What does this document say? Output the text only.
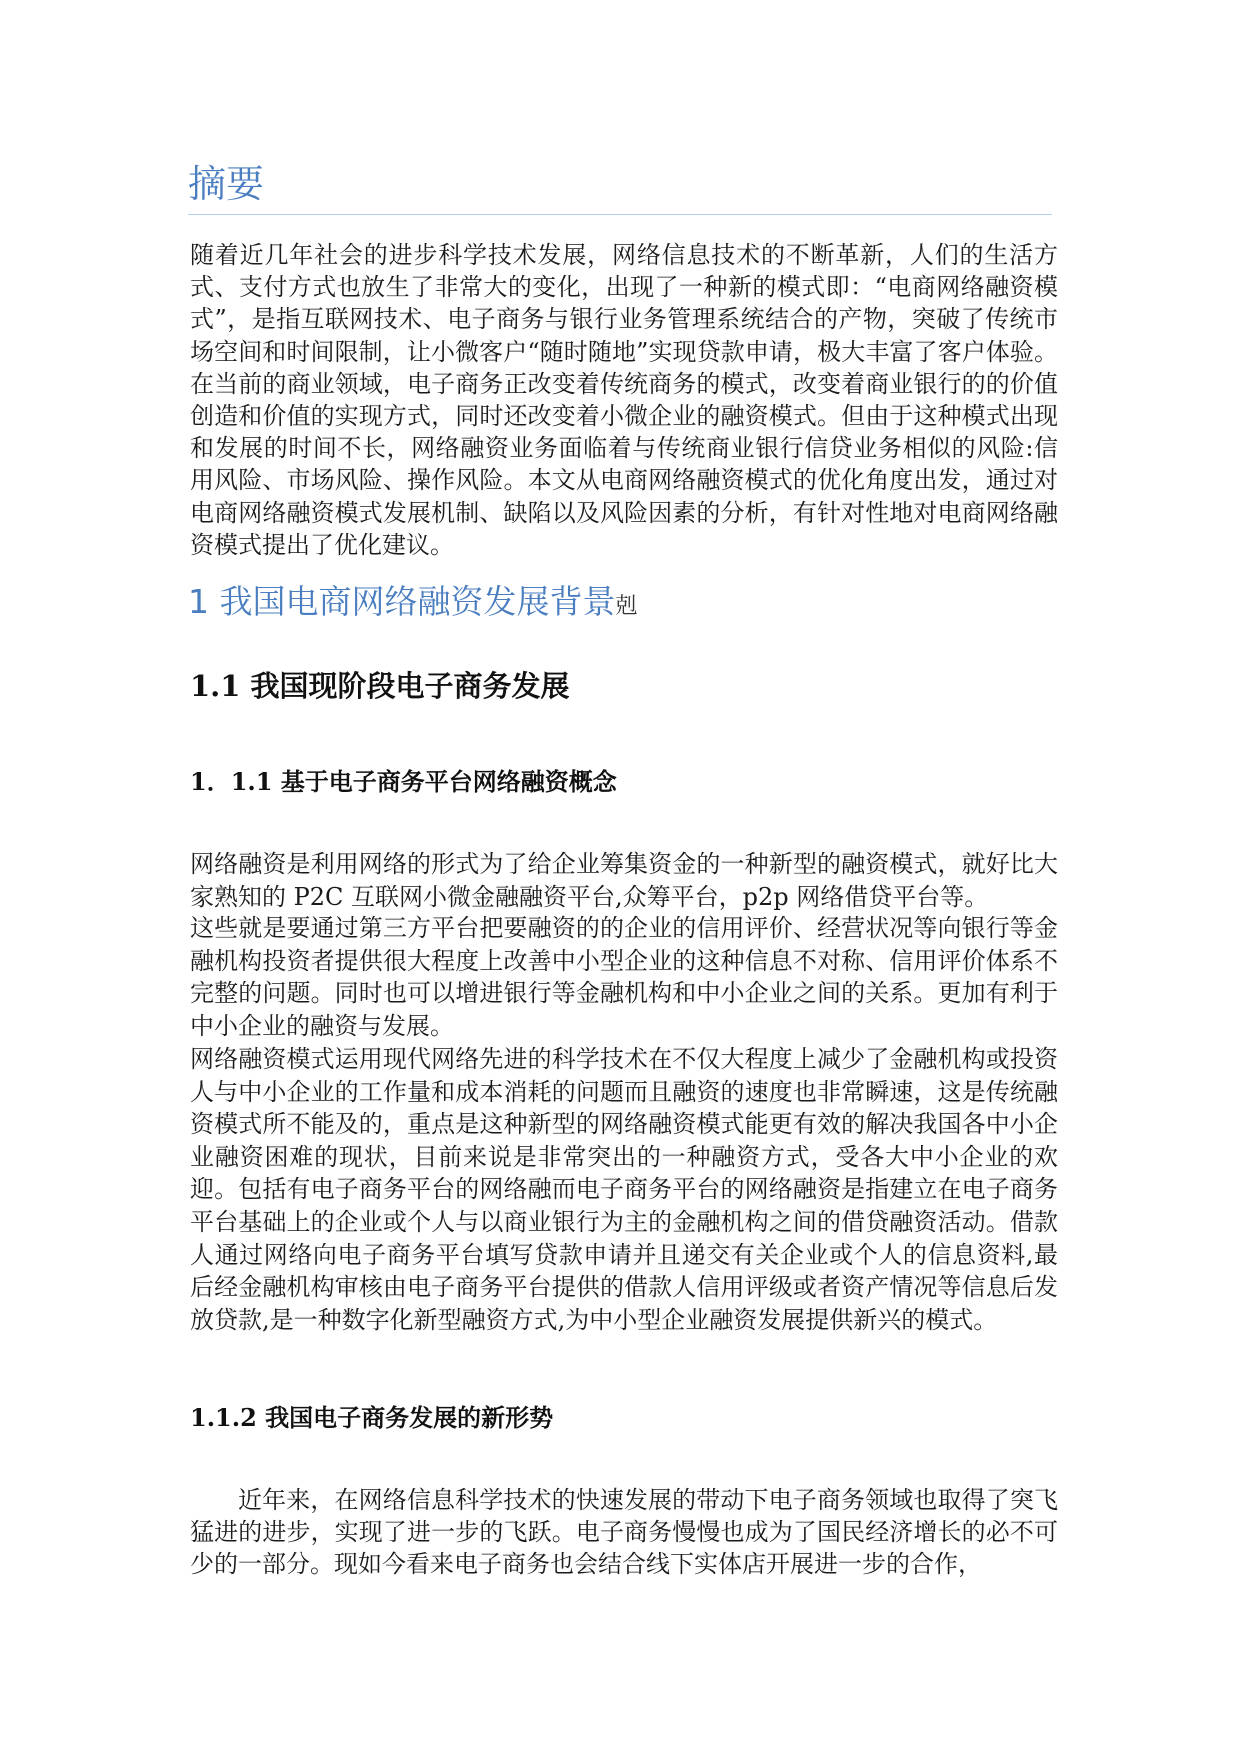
摘要

随着近几年社会的进步科学技术发展，网络信息技术的不断革新，人们的生活方式、支付方式也放生了非常大的变化，出现了一种新的模式即：“电商网络融资模式”，是指互联网技术、电子商务与银行业务管理系统结合的产物，突破了传统市场空间和时间限制，让小微客户“随时随地”实现贷款申请，极大丰富了客户体验。在当前的商业领域，电子商务正改变着传统商务的模式，改变着商业银行的的价值创造和价值的实现方式，同时还改变着小微企业的融资模式。但由于这种模式出现和发展的时间不长，网络融资业务面临着与传统商业银行信贷业务相似的风险:信用风险、市场风险、操作风险。本文从电商网络融资模式的优化角度出发，通过对电商网络融资模式发展机制、缺陷以及风险因素的分析，有针对性地对电商网络融资模式提出了优化建议。

1 我国电商网络融资发展背景剋
1.1 我国现阶段电子商务发展
1．1.1 基于电子商务平台网络融资概念

网络融资是利用网络的形式为了给企业筹集资金的一种新型的融资模式，就好比大家熟知的 P2C 互联网小微金融融资平台,众筹平台，p2p 网络借贷平台等。

这些就是要通过第三方平台把要融资的的企业的信用评价、经营状况等向银行等金融机构投资者提供很大程度上改善中小型企业的这种信息不对称、信用评价体系不完整的问题。同时也可以增进银行等金融机构和中小企业之间的关系。更加有利于中小企业的融资与发展。

网络融资模式运用现代网络先进的科学技术在不仅大程度上减少了金融机构或投资人与中小企业的工作量和成本消耗的问题而且融资的速度也非常瞬速，这是传统融资模式所不能及的，重点是这种新型的网络融资模式能更有效的解决我国各中小企业融资困难的现状，目前来说是非常突出的一种融资方式，受各大中小企业的欢迎。包括有电子商务平台的网络融而电子商务平台的网络融资是指建立在电子商务平台基础上的企业或个人与以商业银行为主的金融机构之间的借贷融资活动。借款人通过网络向电子商务平台填写贷款申请并且递交有关企业或个人的信息资料,最后经金融机构审核由电子商务平台提供的借款人信用评级或者资产情况等信息后发放贷款,是一种数字化新型融资方式,为中小型企业融资发展提供新兴的模式。

1.1.2 我国电子商务发展的新形势

近年来，在网络信息科学技术的快速发展的带动下电子商务领域也取得了突飞猛进的进步，实现了进一步的飞跃。电子商务慢慢也成为了国民经济增长的必不可少的一部分。现如今看来电子商务也会结合线下实体店开展进一步的合作，
